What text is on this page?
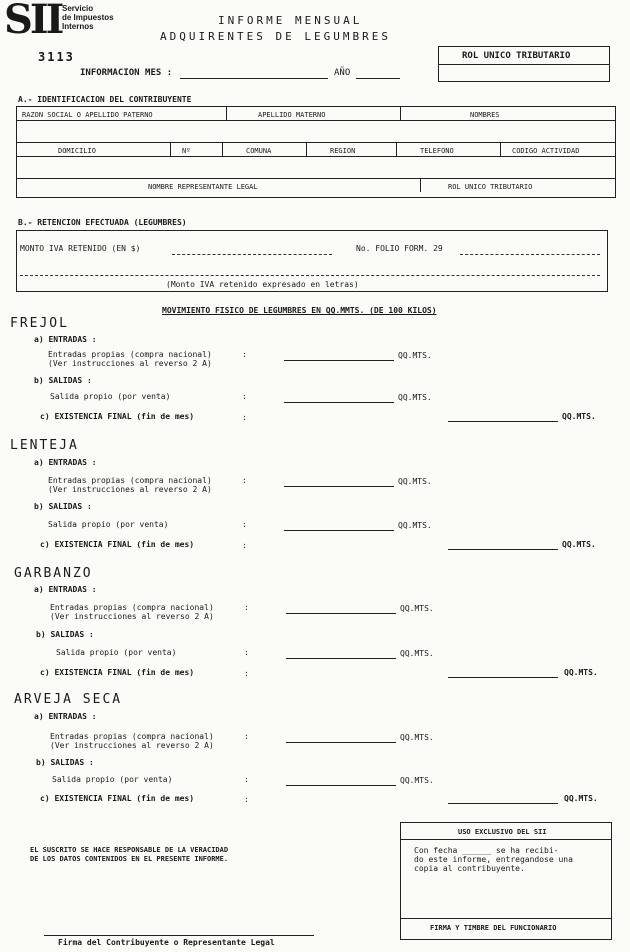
SII Servicio
de Impuestos
Internos	INFORME MENSUAL
ADQUIRENTES DE LEGUMBRES
3113
INFORMACION MES :	AÑO
ROL UNICO TRIBUTARIO
A.- IDENTIFICACION DEL CONTRIBUYENTE
RAZON SOCIAL O APELLIDO PATERNO	APELLIDO MATERNO	NOMBRES
DOMICILIO	Nº	COMUNA	REGION	TELEFONO	CODIGO ACTIVIDAD
NOMBRE REPRESENTANTE LEGAL	ROL UNICO TRIBUTARIO
B.- RETENCION EFECTUADA (LEGUMBRES)
MONTO IVA RETENIDO (EN $)	No. FOLIO FORM. 29
(Monto IVA retenido expresado en letras)
MOVIMIENTO FISICO DE LEGUMBRES EN QQ.MMTS. (DE 100 KILOS)
FREJOL
a) ENTRADAS :
Entradas propias (compra nacional)
(Ver instrucciones al reverso 2 A)
:	QQ.MTS.
b) SALIDAS :
Salida propio (por venta)	:	QQ.MTS.
c) EXISTENCIA FINAL (fin de mes)	:	QQ.MTS.
LENTEJA
a) ENTRADAS :
Entradas propias (compra nacional)
(Ver instrucciones al reverso 2 A)
:	QQ.MTS.
b) SALIDAS :
Salida propio (por venta)	:	QQ.MTS.
c) EXISTENCIA FINAL (fin de mes)	:	QQ.MTS.
GARBANZO
a) ENTRADAS :
Entradas propias (compra nacional)
(Ver instrucciones al reverso 2 A)
:	QQ.MTS.
b) SALIDAS :
Salida propio (por venta)	:	QQ.MTS.
c) EXISTENCIA FINAL (fin de mes)	:	QQ.MTS.
ARVEJA SECA
a) ENTRADAS :
Entradas propias (compra nacional)
(Ver instrucciones al reverso 2 A)
:	QQ.MTS.
b) SALIDAS :
Salida propio (por venta)	:	QQ.MTS.
c) EXISTENCIA FINAL (fin de mes)	:	QQ.MTS.
EL SUSCRITO SE HACE RESPONSABLE DE LA VERACIDAD
DE LOS DATOS CONTENIDOS EN EL PRESENTE INFORME.
USO EXCLUSIVO DEL SII
Con fecha ______ se ha recibi-
do este informe, entregandose una
copia al contribuyente.
FIRMA Y TIMBRE DEL FUNCIONARIO
Firma del Contribuyente o Representante Legal
